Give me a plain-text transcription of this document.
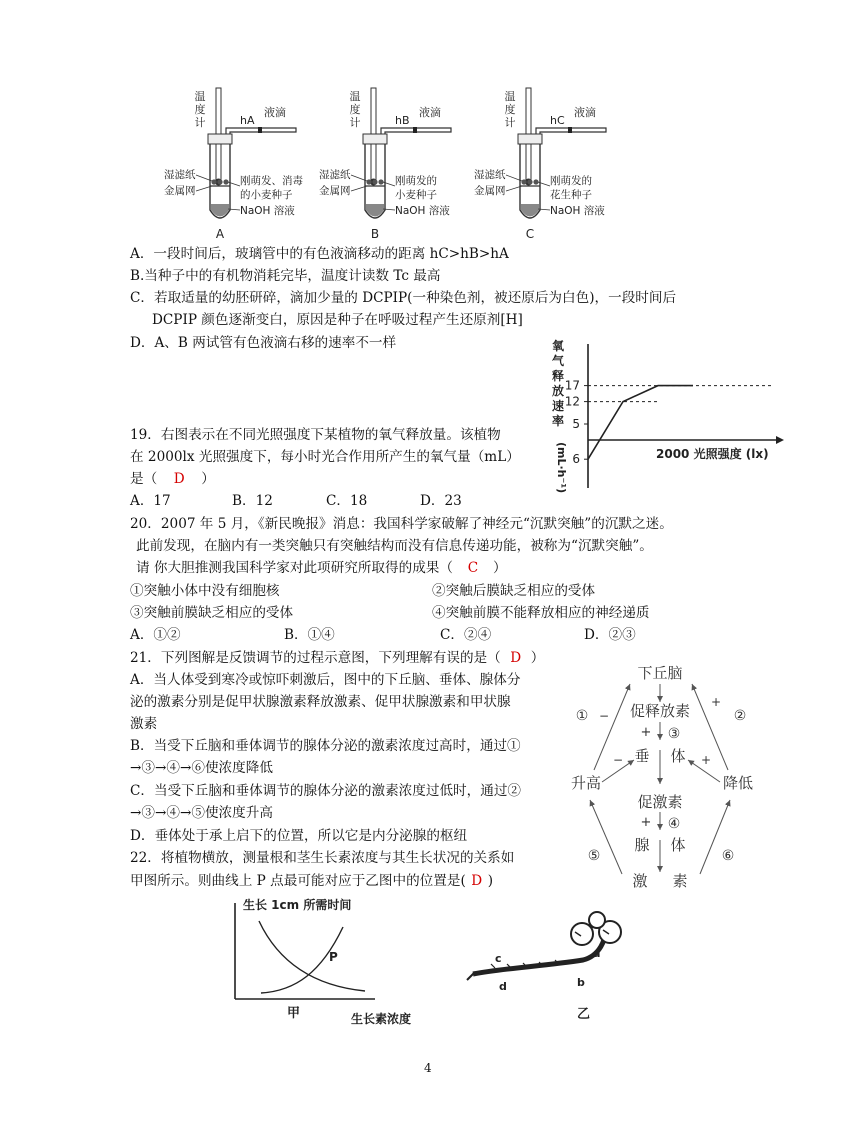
温
度
计	hA
液滴
湿滤纸
金属网
刚萌发、消毒
的小麦种子
NaOH 溶液
A
温
度
计	hB
液滴
湿滤纸
金属网
刚萌发的
小麦种子
NaOH 溶液
B
温
度
计	hC
液滴
湿滤纸
金属网
刚萌发的
花生种子
NaOH 溶液
C
A．一段时间后，玻璃管中的有色液滴移动的距离 hC>hB>hA
B.当种子中的有机物消耗完毕，温度计读数 Tc 最高
C．若取适量的幼胚研碎，滴加少量的 DCPIP(一种染色剂，被还原后为白色)，一段时间后
DCPIP 颜色逐渐变白，原因是种子在呼吸过程产生还原剂[H]
D．A、B 两试管有色液滴右移的速率不一样	氧气释放速率
(mL·h⁻¹)
17
12
5
6	2000 光照强度 (lx)
19．右图表示在不同光照强度下某植物的氧气释放量。该植物
在 2000lx 光照强度下，每小时光合作用所产生的氧气量（mL）
是（ D ）
A．17	B．12	C．18	D．23
20．2007 年 5 月，《新民晚报》消息：我国科学家破解了神经元“沉默突触”的沉默之迷。
此前发现，在脑内有一类突触只有突触结构而没有信息传递功能，被称为“沉默突触”。
请 你大胆推测我国科学家对此项研究所取得的成果（ C ）
①突触小体中没有细胞核	②突触后膜缺乏相应的受体
③突触前膜缺乏相应的受体	④突触前膜不能释放相应的神经递质
A．①②	B．①④	C．②④	D．②③
21．下列图解是反馈调节的过程示意图，下列理解有误的是（ D ）
A．当人体受到寒冷或惊吓刺激后，图中的下丘脑、垂体、腺体分
泌的激素分别是促甲状腺激素释放激素、促甲状腺激素和甲状腺
激素
B．当受下丘脑和垂体调节的腺体分泌的激素浓度过高时，通过①
→③→④→⑥使浓度降低
C．当受下丘脑和垂体调节的腺体分泌的激素浓度过低时，通过②
→③→④→⑤使浓度升高
D．垂体处于承上启下的位置，所以它是内分泌腺的枢纽
下丘脑
促释放素
+ ③
垂 体
促激素
+ ④
腺 体
激 素
① −
升高
⑤
−
②
+
降低
⑥
+
22．将植物横放，测量根和茎生长素浓度与其生长状况的关系如
甲图所示。则曲线上 P 点最可能对应于乙图中的位置是( D )
生长 1cm 所需时间
P
甲	生长素浓度
a
b
c
d
乙
4
